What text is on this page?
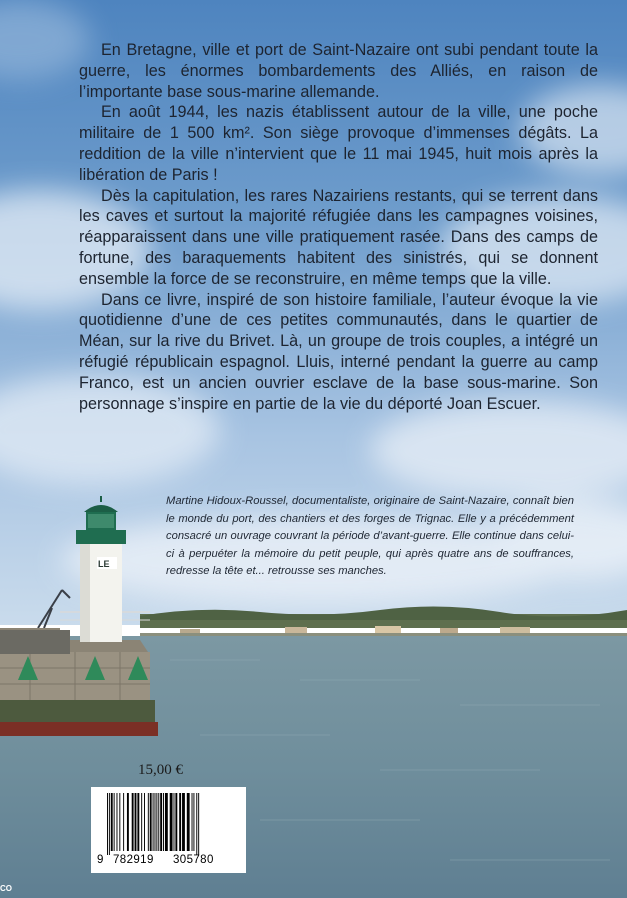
LE

En Bretagne, ville et port de Saint-Nazaire ont subi pendant toute la guerre, les énormes bombardements des Alliés, en raison de l’importante base sous-marine allemande.

En août 1944, les nazis établissent autour de la ville, une poche militaire de 1 500 km². Son siège provoque d’immenses dégâts. La reddition de la ville n’intervient que le 11 mai 1945, huit mois après la libération de Paris !

Dès la capitulation, les rares Nazairiens restants, qui se terrent dans les caves et surtout la majorité réfugiée dans les campagnes voisines, réapparaissent dans une ville pratiquement rasée. Dans des camps de fortune, des baraquements habitent des sinistrés, qui se donnent ensemble la force de se reconstruire, en même temps que la ville.

Dans ce livre, inspiré de son histoire familiale, l’auteur évoque la vie quotidienne d’une de ces petites communautés, dans le quartier de Méan, sur la rive du Brivet. Là, un groupe de trois couples, a intégré un réfugié républicain espagnol. Lluis, interné pendant la guerre au camp Franco, est un ancien ouvrier esclave de la base sous-marine. Son personnage s’inspire en partie de la vie du déporté Joan Escuer.

Martine Hidoux-Roussel, documentaliste, originaire de Saint-Nazaire, connaît bien le monde du port, des chantiers et des forges de Trignac. Elle y a précédemment consacré un ouvrage couvrant la période d’avant-guerre. Elle continue dans celui-ci à perpuéter la mémoire du petit peuple, qui après quatre ans de souffrances, redresse la tête et... retrousse ses manches.
15,00 €
9 782919 305780
CO
